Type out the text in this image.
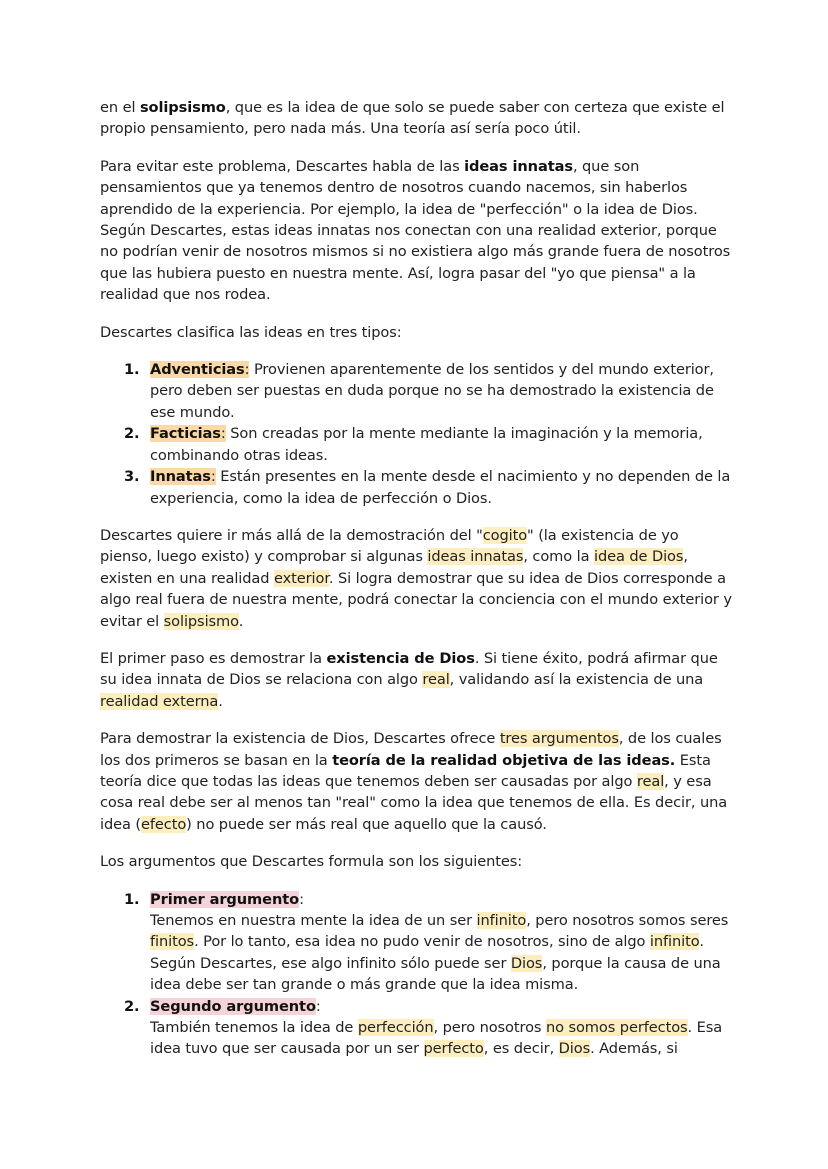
en el solipsismo, que es la idea de que solo se puede saber con certeza que existe el propio pensamiento, pero nada más. Una teoría así sería poco útil.

Para evitar este problema, Descartes habla de las ideas innatas, que son pensamientos que ya tenemos dentro de nosotros cuando nacemos, sin haberlos aprendido de la experiencia. Por ejemplo, la idea de "perfección" o la idea de Dios. Según Descartes, estas ideas innatas nos conectan con una realidad exterior, porque no podrían venir de nosotros mismos si no existiera algo más grande fuera de nosotros que las hubiera puesto en nuestra mente. Así, logra pasar del "yo que piensa" a la realidad que nos rodea.

Descartes clasifica las ideas en tres tipos:

1. Adventicias: Provienen aparentemente de los sentidos y del mundo exterior, pero deben ser puestas en duda porque no se ha demostrado la existencia de ese mundo.
2. Facticias: Son creadas por la mente mediante la imaginación y la memoria, combinando otras ideas.
3. Innatas: Están presentes en la mente desde el nacimiento y no dependen de la experiencia, como la idea de perfección o Dios.

Descartes quiere ir más allá de la demostración del "cogito" (la existencia de yo pienso, luego existo) y comprobar si algunas ideas innatas, como la idea de Dios, existen en una realidad exterior. Si logra demostrar que su idea de Dios corresponde a algo real fuera de nuestra mente, podrá conectar la conciencia con el mundo exterior y evitar el solipsismo.

El primer paso es demostrar la existencia de Dios. Si tiene éxito, podrá afirmar que su idea innata de Dios se relaciona con algo real, validando así la existencia de una realidad externa.

Para demostrar la existencia de Dios, Descartes ofrece tres argumentos, de los cuales los dos primeros se basan en la teoría de la realidad objetiva de las ideas. Esta teoría dice que todas las ideas que tenemos deben ser causadas por algo real, y esa cosa real debe ser al menos tan "real" como la idea que tenemos de ella. Es decir, una idea (efecto) no puede ser más real que aquello que la causó.

Los argumentos que Descartes formula son los siguientes:

1. Primer argumento:
Tenemos en nuestra mente la idea de un ser infinito, pero nosotros somos seres finitos. Por lo tanto, esa idea no pudo venir de nosotros, sino de algo infinito. Según Descartes, ese algo infinito sólo puede ser Dios, porque la causa de una idea debe ser tan grande o más grande que la idea misma.
2. Segundo argumento:
También tenemos la idea de perfección, pero nosotros no somos perfectos. Esa idea tuvo que ser causada por un ser perfecto, es decir, Dios. Además, si
